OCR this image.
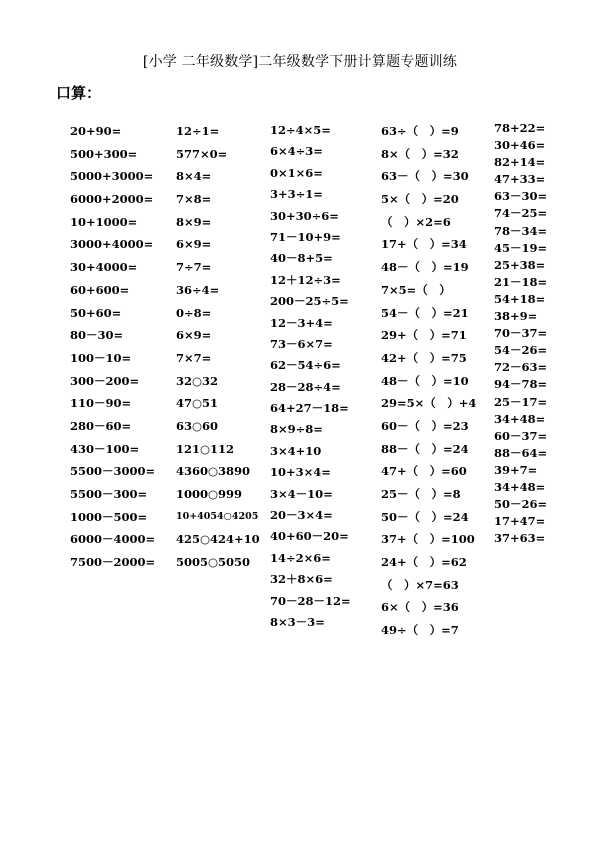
[小学 二年级数学]二年级数学下册计算题专题训练
口算：
20+90=
500+300=
5000+3000=
6000+2000=
10+1000=
3000+4000=
30+4000=
60+600=
50+60=
80－30=
100－10=
300－200=
110－90=
280－60=
430－100=
5500－3000=
5500－300=
1000－500=
6000－4000=
7500－2000=
12÷1=
577×0=
8×4=
7×8=
8×9=
6×9=
7÷7=
36÷4=
0÷8=
6×9=
7×7=
32○32
47○51
63○60
121○112
4360○3890
1000○999
10+4054○4205
425○424+10
5005○5050
12÷4×5=
6×4÷3=
0×1×6=
3+3÷1=
30+30÷6=
71－10+9=
40－8+5=
12＋12÷3=
200－25÷5=
12－3+4=
73－6×7=
62－54÷6=
28－28÷4=
64+27－18=
8×9÷8=
3×4+10
10+3×4=
3×4－10=
20－3×4=
40+60－20=
14÷2×6=
32＋8×6=
70－28－12=
8×3－3=
63÷（　）=9
8×（　）=32
63－（　）=30
5×（　）=20
（　）×2=6
17+（　）=34
48－（　）=19
7×5=（　）
54－（　）=21
29+（　）=71
42+（　）=75
48－（　）=10
29=5×（　）+4
60－（　）=23
88－（　）=24
47+（　）=60
25－（　）=8
50－（　）=24
37+（　）=100
24+（　）=62
（　）×7=63
6×（　）=36
49÷（　）=7
78+22=
30+46=
82+14=
47+33=
63－30=
74－25=
78－34=
45－19=
25+38=
21－18=
54+18=
38+9=
70－37=
54－26=
72－63=
94－78=
25－17=
34+48=
60－37=
88－64=
39+7=
34+48=
50－26=
17+47=
37+63=
